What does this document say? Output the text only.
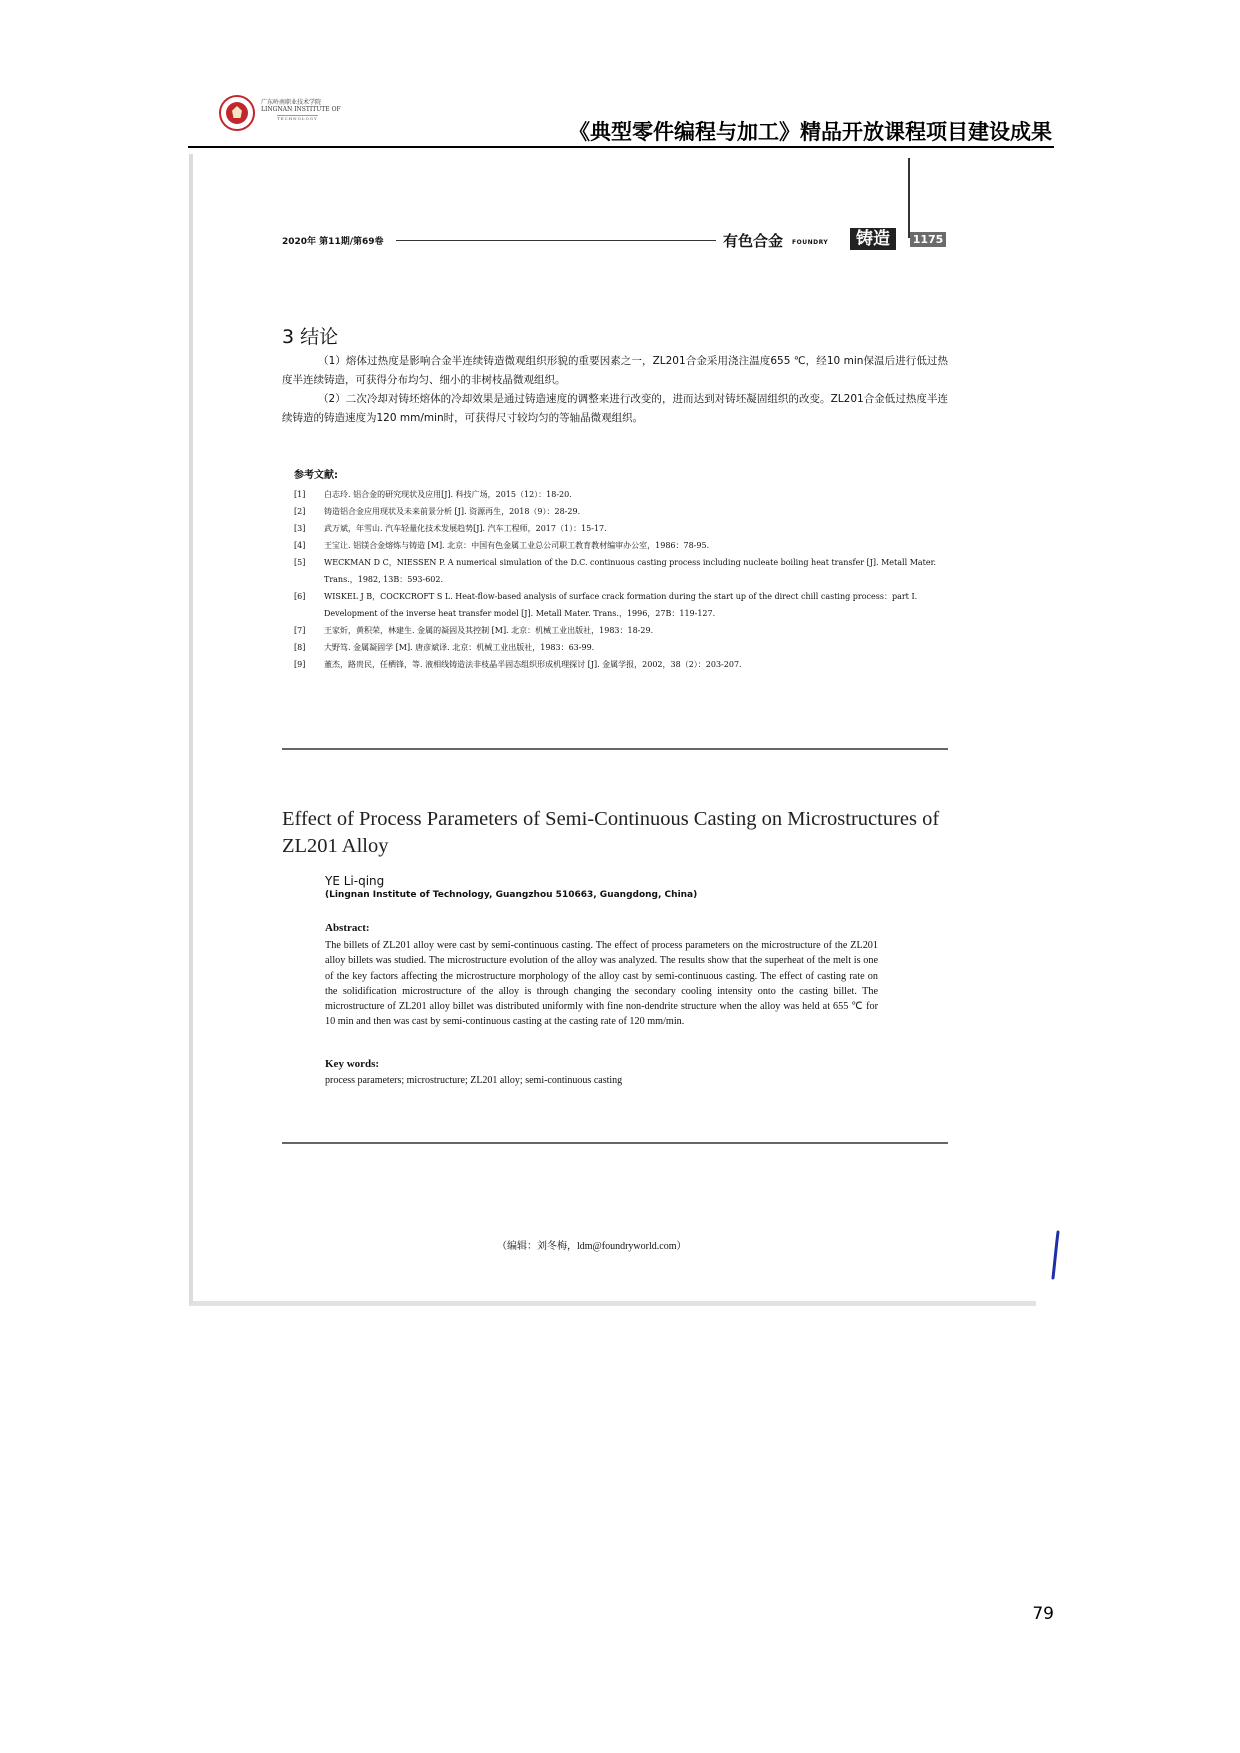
广东岭南职业技术学院
LINGNAN INSTITUTE OF
TECHNOLOGY
《典型零件编程与加工》精品开放课程项目建设成果
2020年 第11期/第69卷	有色合金 FOUNDRY	铸造	1175
3 结论

（1）熔体过热度是影响合金半连续铸造微观组织形貌的重要因素之一，ZL201合金采用浇注温度655 ℃，经10 min保温后进行低过热度半连续铸造，可获得分布均匀、细小的非树枝晶微观组织。

（2）二次冷却对铸坯熔体的冷却效果是通过铸造速度的调整来进行改变的，进而达到对铸坯凝固组织的改变。ZL201合金低过热度半连续铸造的铸造速度为120 mm/min时，可获得尺寸较均匀的等轴晶微观组织。

参考文献:
[1] 白志玲. 铝合金的研究现状及应用[J]. 科技广场，2015（12）：18-20.
[2] 铸造铝合金应用现状及未来前景分析 [J]. 资源再生，2018（9）：28-29.
[3] 武万斌，年雪山. 汽车轻量化技术发展趋势[J]. 汽车工程师，2017（1）：15-17.
[4] 王宝让. 铝镁合金熔炼与铸造 [M]. 北京：中国有色金属工业总公司职工教育教材编审办公室，1986：78-95.
[5] WECKMAN D C，NIESSEN P. A numerical simulation of the D.C. continuous casting process including nucleate boiling heat transfer [J]. Metall Mater. Trans.，1982, 13B：593-602.
[6] WISKEL J B，COCKCROFT S L. Heat-flow-based analysis of surface crack formation during the start up of the direct chill casting process：part I. Development of the inverse heat transfer model [J]. Metall Mater. Trans.，1996，27B：119-127.
[7] 王家炘，黄积荣，林建生. 金属的凝固及其控制 [M]. 北京：机械工业出版社，1983：18-29.
[8] 大野笃. 金属凝固学 [M]. 唐彦斌译. 北京：机械工业出版社，1983：63-99.
[9] 董杰，路贵民，任栖锋，等. 液相线铸造法非枝晶半固态组织形成机理探讨 [J]. 金属学报，2002，38（2）：203-207.
Effect of Process Parameters of Semi-Continuous Casting on Microstructures of ZL201 Alloy
YE Li-qing
(Lingnan Institute of Technology, Guangzhou 510663, Guangdong, China)
Abstract:

The billets of ZL201 alloy were cast by semi-continuous casting. The effect of process parameters on the microstructure of the ZL201 alloy billets was studied. The microstructure evolution of the alloy was analyzed. The results show that the superheat of the melt is one of the key factors affecting the microstructure morphology of the alloy cast by semi-continuous casting. The effect of casting rate on the solidification microstructure of the alloy is through changing the secondary cooling intensity onto the casting billet. The microstructure of ZL201 alloy billet was distributed uniformly with fine non-dendrite structure when the alloy was held at 655 ℃ for 10 min and then was cast by semi-continuous casting at the casting rate of 120 mm/min.

Key words:
process parameters; microstructure; ZL201 alloy; semi-continuous casting
（编辑：刘冬梅，ldm@foundryworld.com）
79
